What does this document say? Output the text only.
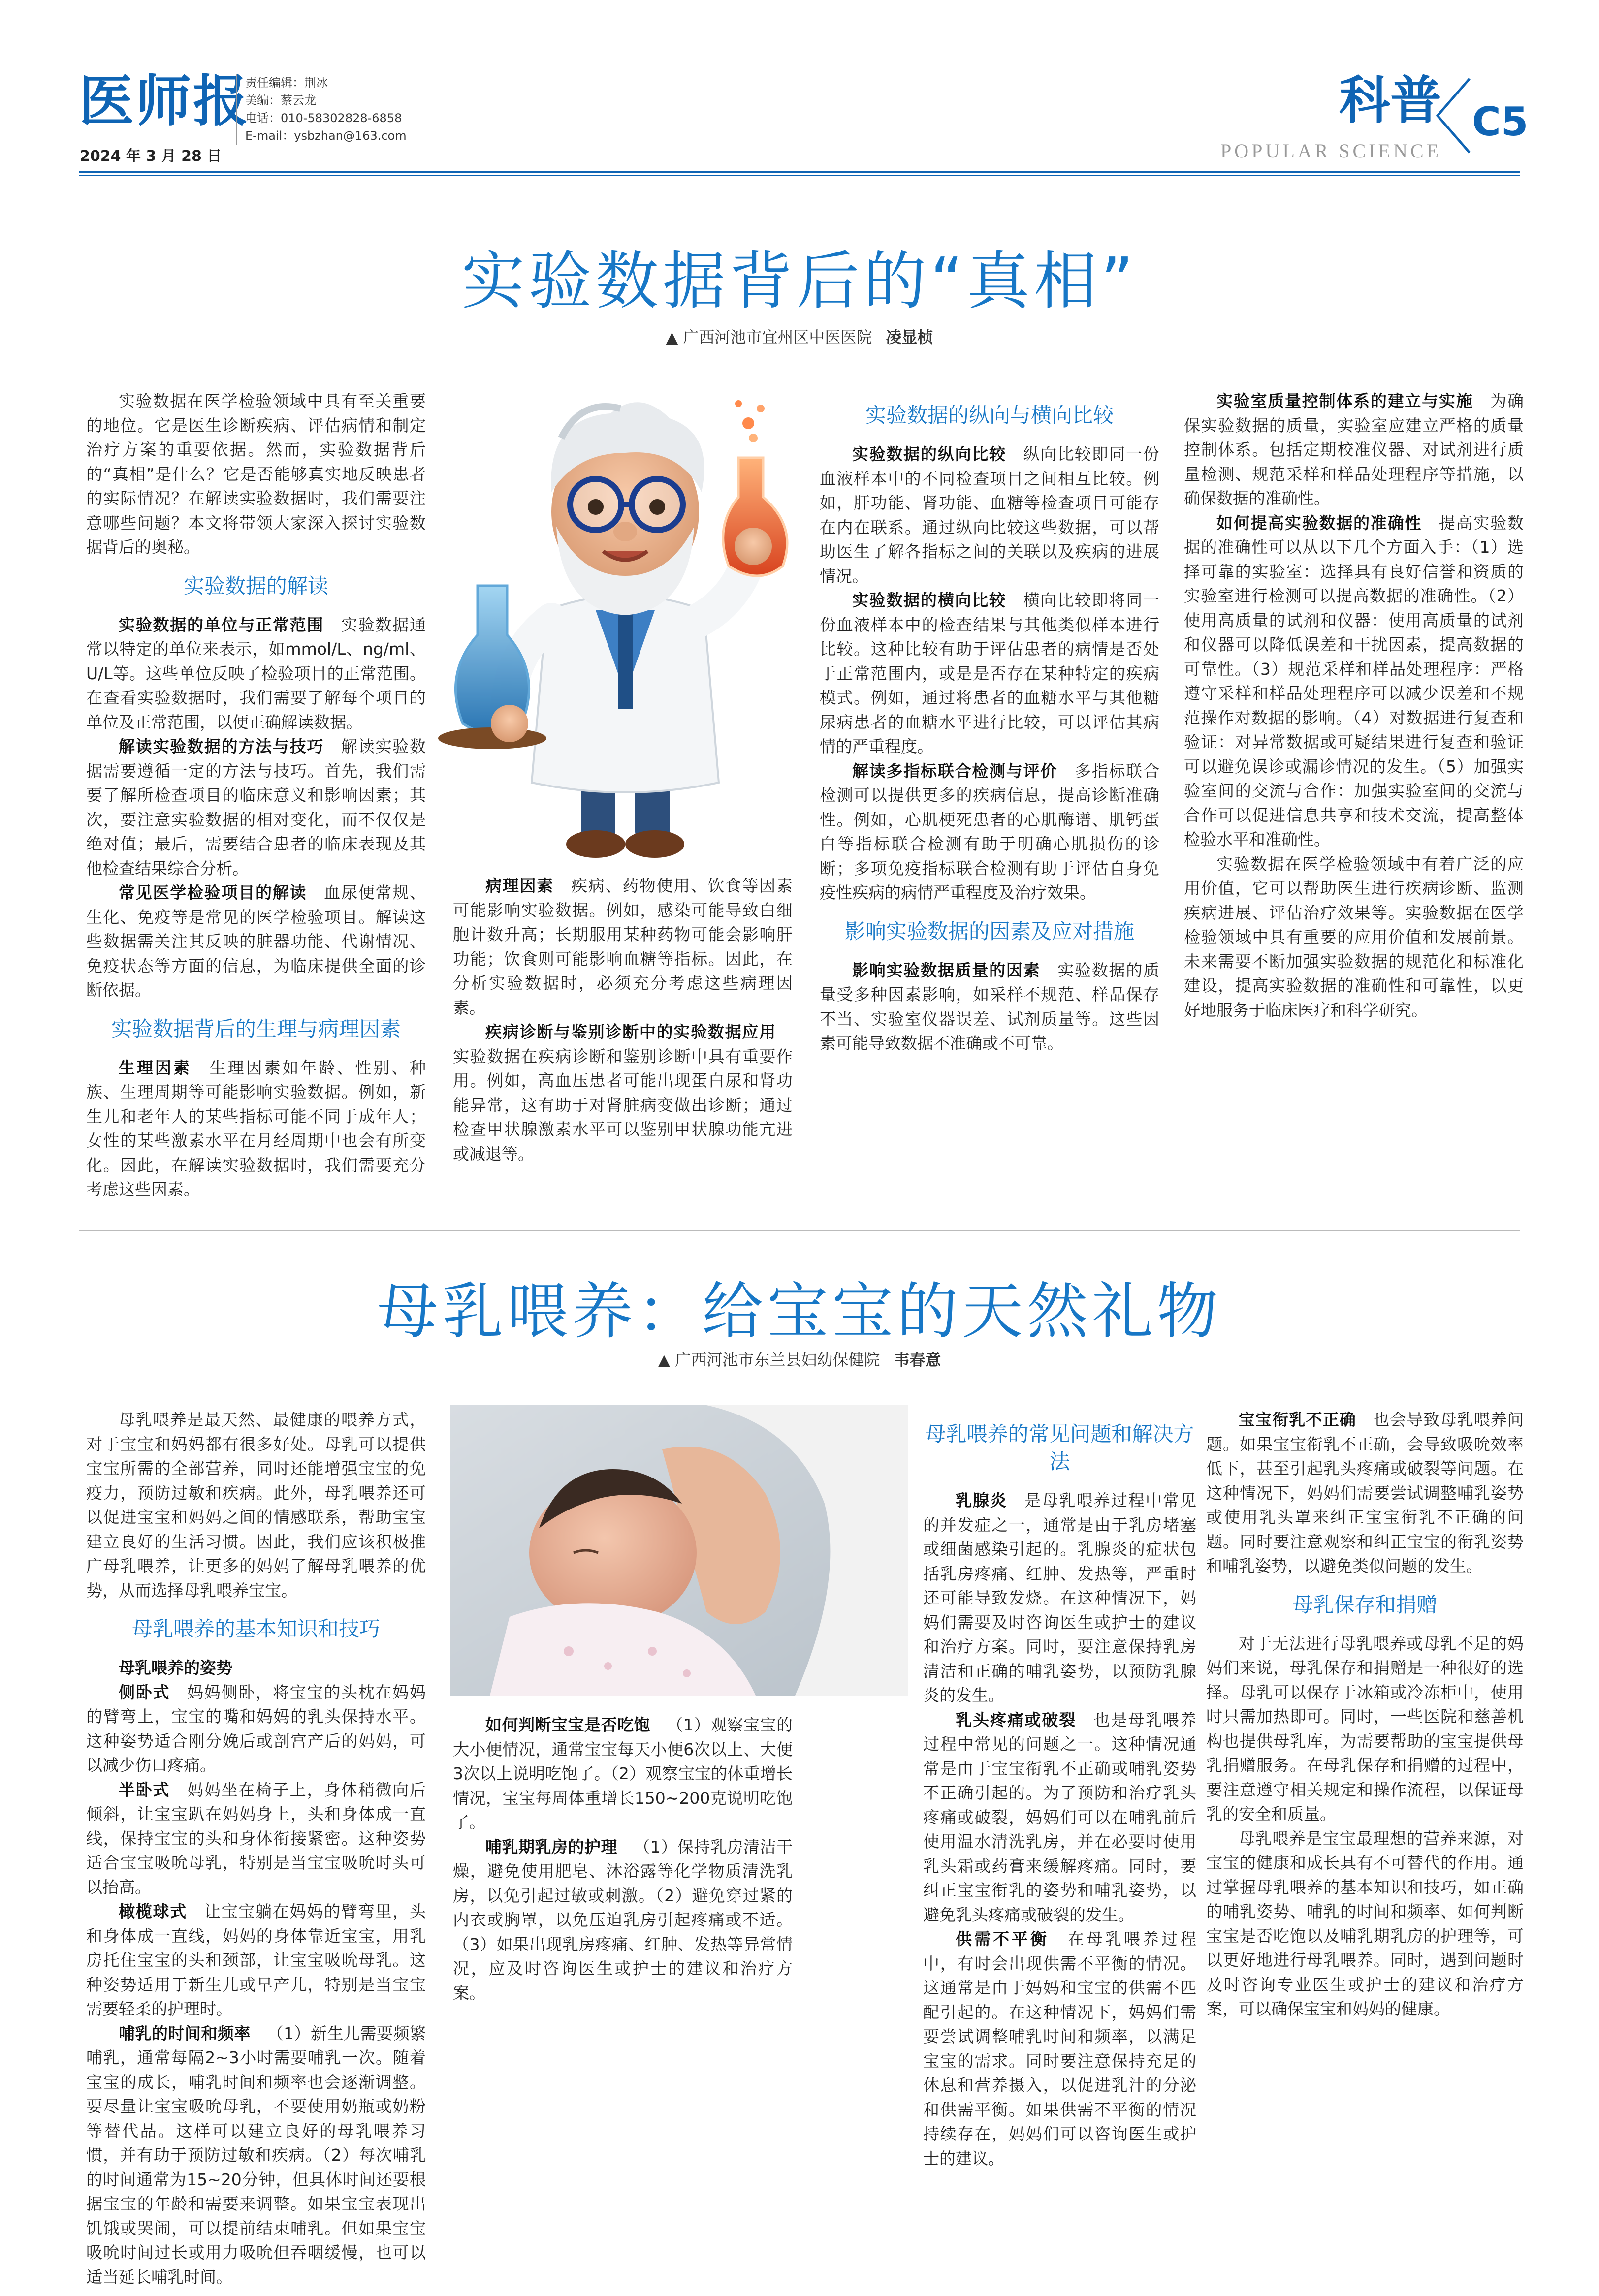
医师报
2024 年 3 月 28 日
责任编辑：荆冰
美编：蔡云龙
电话：010-58302828-6858
E-mail：ysbzhan@163.com
科普
POPULAR SCIENCE
C5
实验数据背后的“真相”
▲ 广西河池市宜州区中医医院 凌显桢

实验数据在医学检验领域中具有至关重要的地位。它是医生诊断疾病、评估病情和制定治疗方案的重要依据。然而，实验数据背后的“真相”是什么？它是否能够真实地反映患者的实际情况？在解读实验数据时，我们需要注意哪些问题？本文将带领大家深入探讨实验数据背后的奥秘。

实验数据的解读

实验数据的单位与正常范围  实验数据通常以特定的单位来表示，如mmol/L、ng/ml、U/L等。这些单位反映了检验项目的正常范围。在查看实验数据时，我们需要了解每个项目的单位及正常范围，以便正确解读数据。

解读实验数据的方法与技巧  解读实验数据需要遵循一定的方法与技巧。首先，我们需要了解所检查项目的临床意义和影响因素；其次，要注意实验数据的相对变化，而不仅仅是绝对值；最后，需要结合患者的临床表现及其他检查结果综合分析。

常见医学检验项目的解读  血尿便常规、生化、免疫等是常见的医学检验项目。解读这些数据需关注其反映的脏器功能、代谢情况、免疫状态等方面的信息，为临床提供全面的诊断依据。

实验数据背后的生理与病理因素

生理因素  生理因素如年龄、性别、种族、生理周期等可能影响实验数据。例如，新生儿和老年人的某些指标可能不同于成年人；女性的某些激素水平在月经周期中也会有所变化。因此，在解读实验数据时，我们需要充分考虑这些因素。

病理因素  疾病、药物使用、饮食等因素可能影响实验数据。例如，感染可能导致白细胞计数升高；长期服用某种药物可能会影响肝功能；饮食则可能影响血糖等指标。因此，在分析实验数据时，必须充分考虑这些病理因素。

疾病诊断与鉴别诊断中的实验数据应用 实验数据在疾病诊断和鉴别诊断中具有重要作用。例如，高血压患者可能出现蛋白尿和肾功能异常，这有助于对肾脏病变做出诊断；通过检查甲状腺激素水平可以鉴别甲状腺功能亢进或减退等。

实验数据的纵向与横向比较

实验数据的纵向比较  纵向比较即同一份血液样本中的不同检查项目之间相互比较。例如，肝功能、肾功能、血糖等检查项目可能存在内在联系。通过纵向比较这些数据，可以帮助医生了解各指标之间的关联以及疾病的进展情况。

实验数据的横向比较  横向比较即将同一份血液样本中的检查结果与其他类似样本进行比较。这种比较有助于评估患者的病情是否处于正常范围内，或是是否存在某种特定的疾病模式。例如，通过将患者的血糖水平与其他糖尿病患者的血糖水平进行比较，可以评估其病情的严重程度。

解读多指标联合检测与评价  多指标联合检测可以提供更多的疾病信息，提高诊断准确性。例如，心肌梗死患者的心肌酶谱、肌钙蛋白等指标联合检测有助于明确心肌损伤的诊断；多项免疫指标联合检测有助于评估自身免疫性疾病的病情严重程度及治疗效果。

影响实验数据的因素及应对措施

影响实验数据质量的因素  实验数据的质量受多种因素影响，如采样不规范、样品保存不当、实验室仪器误差、试剂质量等。这些因素可能导致数据不准确或不可靠。

实验室质量控制体系的建立与实施  为确保实验数据的质量，实验室应建立严格的质量控制体系。包括定期校准仪器、对试剂进行质量检测、规范采样和样品处理程序等措施，以确保数据的准确性。

如何提高实验数据的准确性  提高实验数据的准确性可以从以下几个方面入手：（1）选择可靠的实验室：选择具有良好信誉和资质的实验室进行检测可以提高数据的准确性。（2）使用高质量的试剂和仪器：使用高质量的试剂和仪器可以降低误差和干扰因素，提高数据的可靠性。（3）规范采样和样品处理程序：严格遵守采样和样品处理程序可以减少误差和不规范操作对数据的影响。（4）对数据进行复查和验证：对异常数据或可疑结果进行复查和验证可以避免误诊或漏诊情况的发生。（5）加强实验室间的交流与合作：加强实验室间的交流与合作可以促进信息共享和技术交流，提高整体检验水平和准确性。

实验数据在医学检验领域中有着广泛的应用价值，它可以帮助医生进行疾病诊断、监测疾病进展、评估治疗效果等。实验数据在医学检验领域中具有重要的应用价值和发展前景。未来需要不断加强实验数据的规范化和标准化建设，提高实验数据的准确性和可靠性，以更好地服务于临床医疗和科学研究。

母乳喂养：给宝宝的天然礼物
▲ 广西河池市东兰县妇幼保健院 韦春意

母乳喂养是最天然、最健康的喂养方式，对于宝宝和妈妈都有很多好处。母乳可以提供宝宝所需的全部营养，同时还能增强宝宝的免疫力，预防过敏和疾病。此外，母乳喂养还可以促进宝宝和妈妈之间的情感联系，帮助宝宝建立良好的生活习惯。因此，我们应该积极推广母乳喂养，让更多的妈妈了解母乳喂养的优势，从而选择母乳喂养宝宝。

母乳喂养的基本知识和技巧

母乳喂养的姿势

侧卧式  妈妈侧卧，将宝宝的头枕在妈妈的臂弯上，宝宝的嘴和妈妈的乳头保持水平。这种姿势适合刚分娩后或剖宫产后的妈妈，可以减少伤口疼痛。

半卧式  妈妈坐在椅子上，身体稍微向后倾斜，让宝宝趴在妈妈身上，头和身体成一直线，保持宝宝的头和身体衔接紧密。这种姿势适合宝宝吸吮母乳，特别是当宝宝吸吮时头可以抬高。

橄榄球式  让宝宝躺在妈妈的臂弯里，头和身体成一直线，妈妈的身体靠近宝宝，用乳房托住宝宝的头和颈部，让宝宝吸吮母乳。这种姿势适用于新生儿或早产儿，特别是当宝宝需要轻柔的护理时。

哺乳的时间和频率  （1）新生儿需要频繁哺乳，通常每隔2~3小时需要哺乳一次。随着宝宝的成长，哺乳时间和频率也会逐渐调整。要尽量让宝宝吸吮母乳，不要使用奶瓶或奶粉等替代品。这样可以建立良好的母乳喂养习惯，并有助于预防过敏和疾病。（2）每次哺乳的时间通常为15~20分钟，但具体时间还要根据宝宝的年龄和需要来调整。如果宝宝表现出饥饿或哭闹，可以提前结束哺乳。但如果宝宝吸吮时间过长或用力吸吮但吞咽缓慢，也可以适当延长哺乳时间。

如何判断宝宝是否吃饱  （1）观察宝宝的大小便情况，通常宝宝每天小便6次以上、大便3次以上说明吃饱了。（2）观察宝宝的体重增长情况，宝宝每周体重增长150~200克说明吃饱了。

哺乳期乳房的护理  （1）保持乳房清洁干燥，避免使用肥皂、沐浴露等化学物质清洗乳房，以免引起过敏或刺激。（2）避免穿过紧的内衣或胸罩，以免压迫乳房引起疼痛或不适。（3）如果出现乳房疼痛、红肿、发热等异常情况，应及时咨询医生或护士的建议和治疗方案。

母乳喂养的常见问题和解决方法

乳腺炎  是母乳喂养过程中常见的并发症之一，通常是由于乳房堵塞或细菌感染引起的。乳腺炎的症状包括乳房疼痛、红肿、发热等，严重时还可能导致发烧。在这种情况下，妈妈们需要及时咨询医生或护士的建议和治疗方案。同时，要注意保持乳房清洁和正确的哺乳姿势，以预防乳腺炎的发生。

乳头疼痛或破裂  也是母乳喂养过程中常见的问题之一。这种情况通常是由于宝宝衔乳不正确或哺乳姿势不正确引起的。为了预防和治疗乳头疼痛或破裂，妈妈们可以在哺乳前后使用温水清洗乳房，并在必要时使用乳头霜或药膏来缓解疼痛。同时，要纠正宝宝衔乳的姿势和哺乳姿势，以避免乳头疼痛或破裂的发生。

供需不平衡  在母乳喂养过程中，有时会出现供需不平衡的情况。这通常是由于妈妈和宝宝的供需不匹配引起的。在这种情况下，妈妈们需要尝试调整哺乳时间和频率，以满足宝宝的需求。同时要注意保持充足的休息和营养摄入，以促进乳汁的分泌和供需平衡。如果供需不平衡的情况持续存在，妈妈们可以咨询医生或护士的建议。

宝宝衔乳不正确  也会导致母乳喂养问题。如果宝宝衔乳不正确，会导致吸吮效率低下，甚至引起乳头疼痛或破裂等问题。在这种情况下，妈妈们需要尝试调整哺乳姿势或使用乳头罩来纠正宝宝衔乳不正确的问题。同时要注意观察和纠正宝宝的衔乳姿势和哺乳姿势，以避免类似问题的发生。

母乳保存和捐赠

对于无法进行母乳喂养或母乳不足的妈妈们来说，母乳保存和捐赠是一种很好的选择。母乳可以保存于冰箱或冷冻柜中，使用时只需加热即可。同时，一些医院和慈善机构也提供母乳库，为需要帮助的宝宝提供母乳捐赠服务。在母乳保存和捐赠的过程中，要注意遵守相关规定和操作流程，以保证母乳的安全和质量。

母乳喂养是宝宝最理想的营养来源，对宝宝的健康和成长具有不可替代的作用。通过掌握母乳喂养的基本知识和技巧，如正确的哺乳姿势、哺乳的时间和频率、如何判断宝宝是否吃饱以及哺乳期乳房的护理等，可以更好地进行母乳喂养。同时，遇到问题时及时咨询专业医生或护士的建议和治疗方案，可以确保宝宝和妈妈的健康。
